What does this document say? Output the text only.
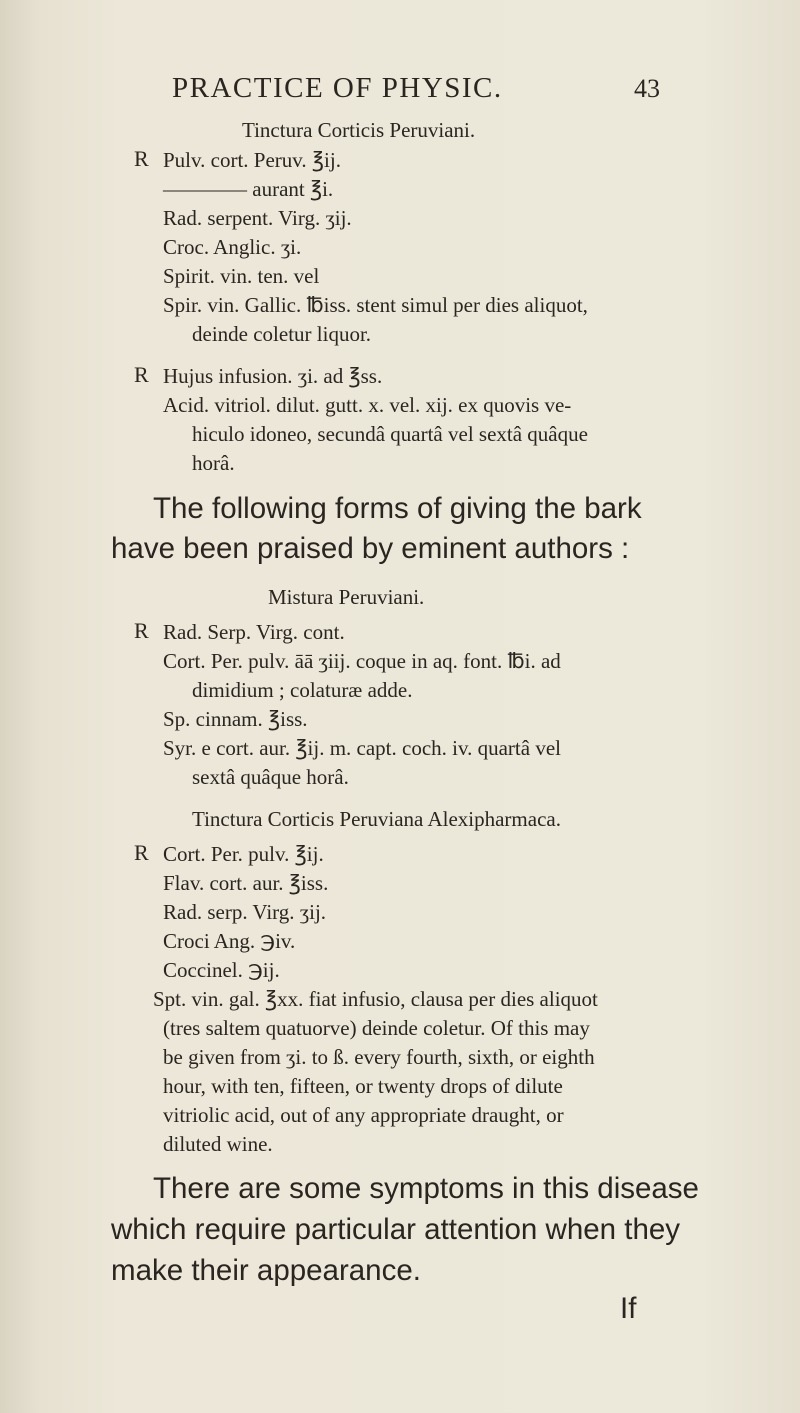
PRACTICE OF PHYSIC.	43
Tinctura Corticis Peruviani.
R Pulv. cort. Peruv. ℥ij.
———— aurant ℥i.
Rad. serpent. Virg. ʒij.
Croc. Anglic. ʒi.
Spirit. vin. ten. vel
Spir. vin. Gallic. ℔iss. stent simul per dies aliquot,
deinde coletur liquor.
R Hujus infusion. ʒi. ad ℥ss.
Acid. vitriol. dilut. gutt. x. vel. xij. ex quovis ve-
hiculo idoneo, secundâ quartâ vel sextâ quâque
horâ.
The following forms of giving the bark
have been praised by eminent authors :
Mistura Peruviani.
R Rad. Serp. Virg. cont.
Cort. Per. pulv. āā ʒiij. coque in aq. font. ℔i. ad
dimidium ; colaturæ adde.
Sp. cinnam. ℥iss.
Syr. e cort. aur. ℥ij. m. capt. coch. iv. quartâ vel
sextâ quâque horâ.
Tinctura Corticis Peruviana Alexipharmaca.
R Cort. Per. pulv. ℥ij.
Flav. cort. aur. ℥iss.
Rad. serp. Virg. ʒij.
Croci Ang. ℈iv.
Coccinel. ℈ij.
Spt. vin. gal. ℥xx. fiat infusio, clausa per dies aliquot
(tres saltem quatuorve) deinde coletur. Of this may
be given from ʒi. to ß. every fourth, sixth, or eighth
hour, with ten, fifteen, or twenty drops of dilute
vitriolic acid, out of any appropriate draught, or
diluted wine.
There are some symptoms in this disease
which require particular attention when they
make their appearance.
If
